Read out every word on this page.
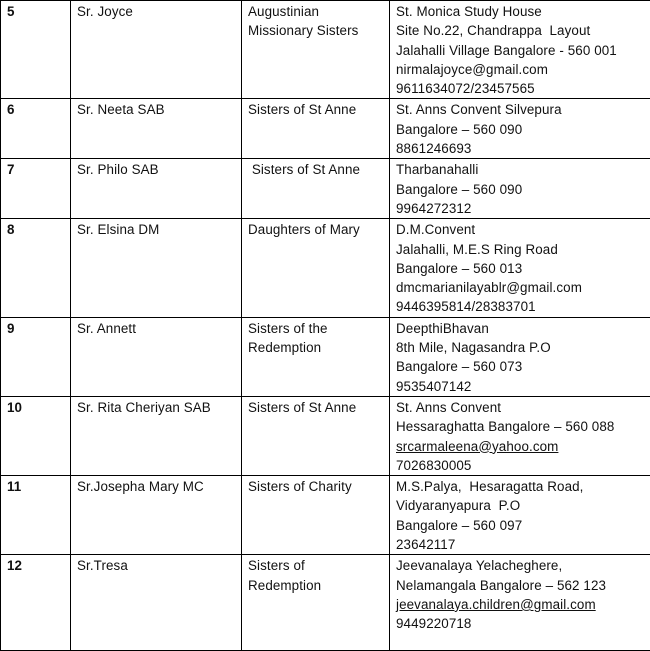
5	Sr. Joyce	Augustinian
Missionary Sisters	St. Monica Study House
Site No.22, Chandrappa  Layout
Jalahalli Village Bangalore - 560 001
nirmalajoyce@gmail.com
9611634072/23457565

6	Sr. Neeta SAB	Sisters of St Anne	St. Anns Convent Silvepura
Bangalore – 560 090
8861246693

7	Sr. Philo SAB	Sisters of St Anne	Tharbanahalli
Bangalore – 560 090
9964272312

8	Sr. Elsina DM	Daughters of Mary	D.M.Convent
Jalahalli, M.E.S Ring Road
Bangalore – 560 013
dmcmarianilayablr@gmail.com
9446395814/28383701

9	Sr. Annett	Sisters of the
Redemption	DeepthiBhavan
8th Mile, Nagasandra P.O
Bangalore – 560 073
9535407142

10	Sr. Rita Cheriyan SAB	Sisters of St Anne	St. Anns Convent
Hessaraghatta Bangalore – 560 088
srcarmaleena@yahoo.com
7026830005

11	Sr.Josepha Mary MC	Sisters of Charity	M.S.Palya,  Hesaragatta Road,
Vidyaranyapura  P.O
Bangalore – 560 097
23642117

12	Sr.Tresa	Sisters of
Redemption	Jeevanalaya Yelacheghere,
Nelamangala Bangalore – 562 123
jeevanalaya.children@gmail.com
9449220718
